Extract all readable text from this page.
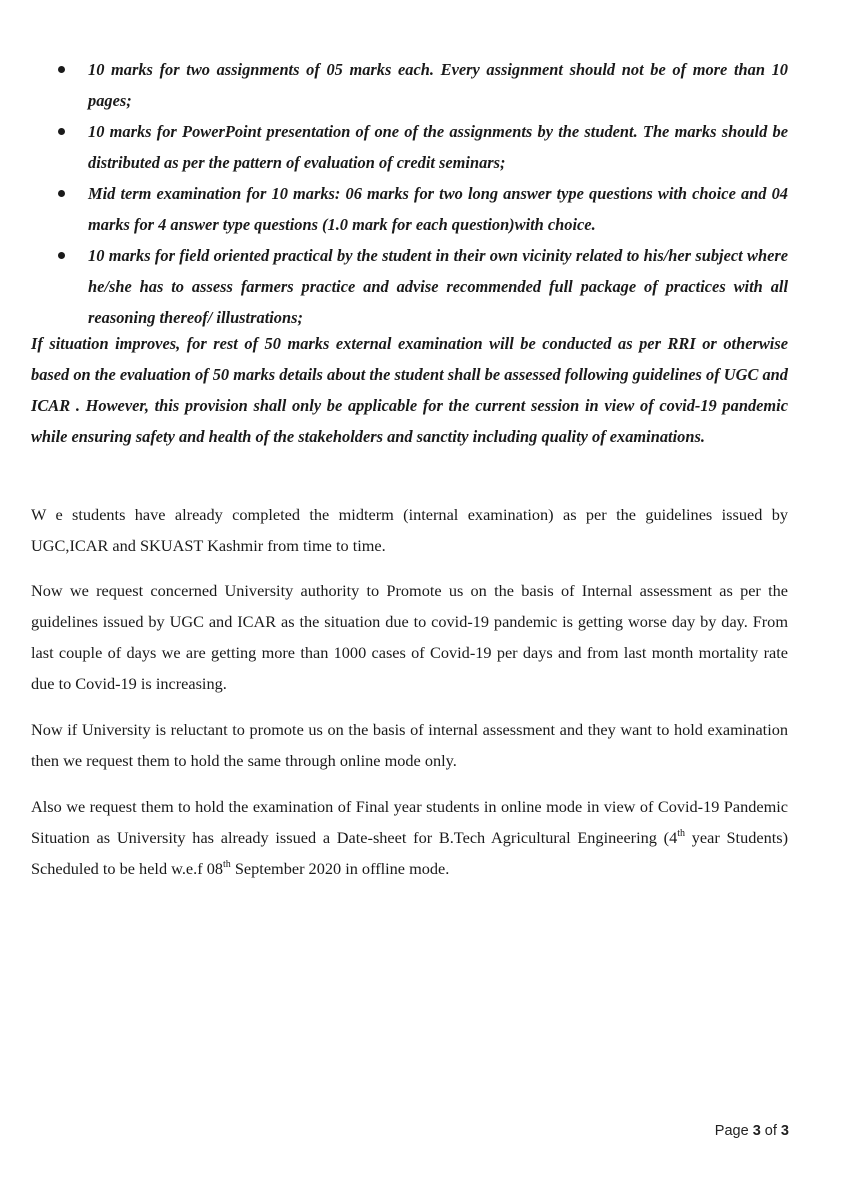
10 marks for two assignments of 05 marks each. Every assignment should not be of more than 10 pages;
10 marks for PowerPoint presentation of one of the assignments by the student. The marks should be distributed as per the pattern of evaluation of credit seminars;
Mid term examination for 10 marks: 06 marks for two long answer type questions with choice and 04 marks for 4 answer type questions (1.0 mark for each question)with choice.
10 marks for field oriented practical by the student in their own vicinity related to his/her subject where he/she has to assess farmers practice and advise recommended full package of practices with all reasoning thereof/ illustrations;

If situation improves, for rest of 50 marks external examination will be conducted as per RRI or otherwise based on the evaluation of 50 marks details about the student shall be assessed following guidelines of UGC and ICAR . However, this provision shall only be applicable for the current session in view of covid-19 pandemic while ensuring safety and health of the stakeholders and sanctity including quality of examinations.

W e students have already completed the midterm (internal examination) as per the guidelines issued by UGC,ICAR and SKUAST Kashmir from time to time.

Now we request concerned University authority to Promote us on the basis of Internal assessment as per the guidelines issued by UGC and ICAR as the situation due to covid-19 pandemic is getting worse day by day. From last couple of days we are getting more than 1000 cases of Covid-19 per days and from last month mortality rate due to Covid-19 is increasing.

Now if University is reluctant to promote us on the basis of internal assessment and they want to hold examination then we request them to hold the same through online mode only.

Also we request them to hold the examination of Final year students in online mode in view of Covid-19 Pandemic Situation as University has already issued a Date-sheet for B.Tech Agricultural Engineering (4th year Students) Scheduled to be held w.e.f 08th September 2020 in offline mode.

Page 3 of 3
